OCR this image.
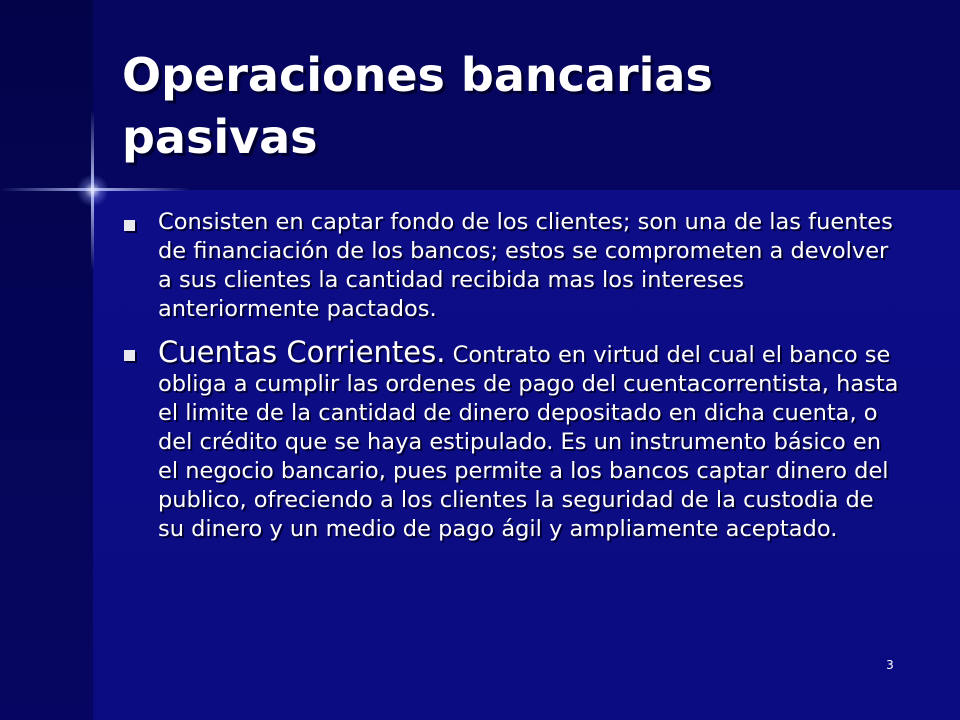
Operaciones bancarias pasivas
Consisten en captar fondo de los clientes; son una de las fuentes de financiación de los bancos; estos se comprometen a devolver a sus clientes la cantidad recibida mas los intereses anteriormente pactados.
Cuentas Corrientes. Contrato en virtud del cual el banco se obliga a cumplir las ordenes de pago del cuentacorrentista, hasta el limite de la cantidad de dinero depositado en dicha cuenta, o del crédito que se haya estipulado. Es un instrumento básico en el negocio bancario, pues permite a los bancos captar dinero del publico, ofreciendo a los clientes la seguridad de la custodia de su dinero y un medio de pago ágil y ampliamente aceptado.
3
